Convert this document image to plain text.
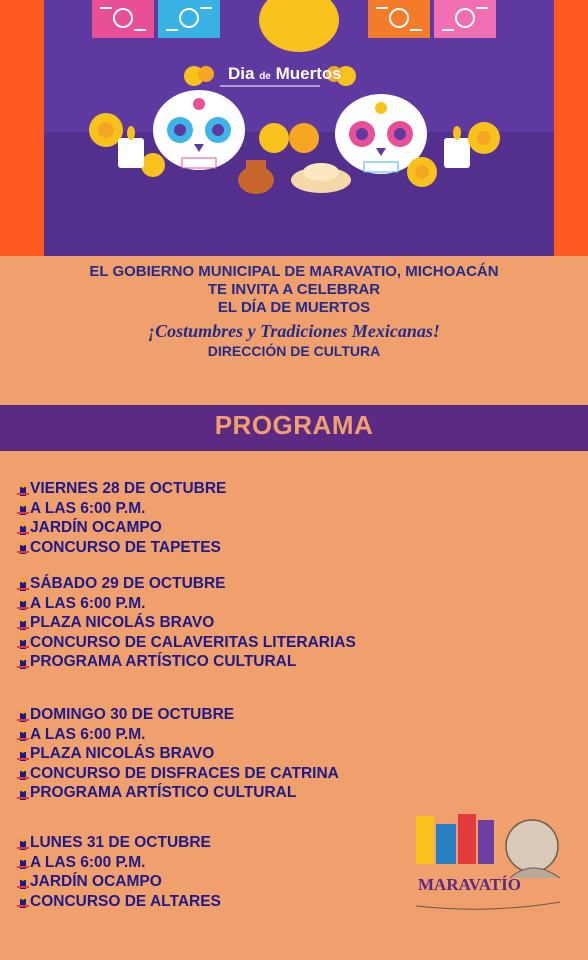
Dia de Muertos
EL GOBIERNO MUNICIPAL DE MARAVATIO, MICHOACÁN
TE INVITA A CELEBRAR
EL DÍA DE MUERTOS
¡Costumbres y Tradiciones Mexicanas!
DIRECCIÓN DE CULTURA
PROGRAMA
VIERNES 28 DE OCTUBRE
A LAS 6:00 P.M.
JARDÍN OCAMPO
CONCURSO DE TAPETES
SÁBADO 29 DE OCTUBRE
A LAS 6:00 P.M.
PLAZA NICOLÁS BRAVO
CONCURSO DE CALAVERITAS LITERARIAS
PROGRAMA ARTÍSTICO CULTURAL
DOMINGO 30 DE OCTUBRE
A LAS 6:00 P.M.
PLAZA NICOLÁS BRAVO
CONCURSO DE DISFRACES DE CATRINA
PROGRAMA ARTÍSTICO CULTURAL
LUNES 31 DE OCTUBRE
A LAS 6:00 P.M.
JARDÍN OCAMPO
CONCURSO DE ALTARES
MARAVATÍO
